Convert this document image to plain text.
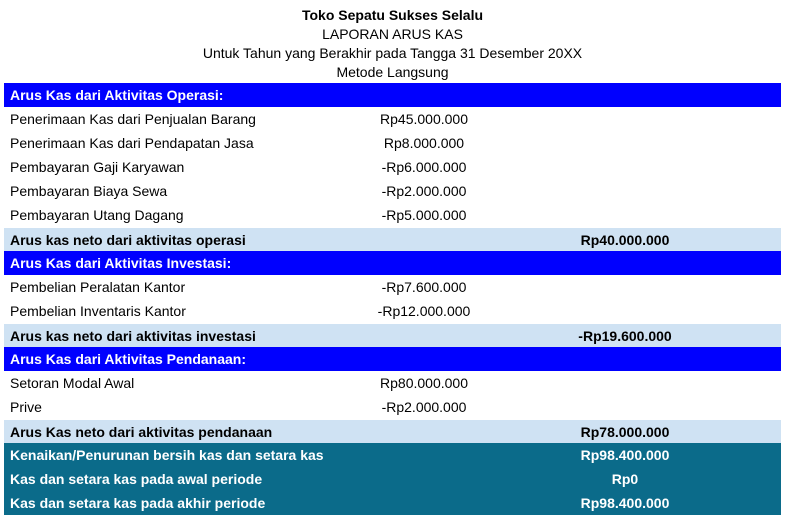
Toko Sepatu Sukses Selalu
LAPORAN ARUS KAS
Untuk Tahun yang Berakhir pada Tangga 31 Desember 20XX
Metode Langsung
Arus Kas dari Aktivitas Operasi:
Penerimaan Kas dari Penjualan Barang	Rp45.000.000
Penerimaan Kas dari Pendapatan Jasa	Rp8.000.000
Pembayaran Gaji Karyawan	-Rp6.000.000
Pembayaran Biaya Sewa	-Rp2.000.000
Pembayaran Utang Dagang	-Rp5.000.000
Arus kas neto dari aktivitas operasi	Rp40.000.000
Arus Kas dari Aktivitas Investasi:
Pembelian Peralatan Kantor	-Rp7.600.000
Pembelian Inventaris Kantor	-Rp12.000.000
Arus kas neto dari aktivitas investasi	-Rp19.600.000
Arus Kas dari Aktivitas Pendanaan:
Setoran Modal Awal	Rp80.000.000
Prive	-Rp2.000.000
Arus Kas neto dari aktivitas pendanaan	Rp78.000.000
Kenaikan/Penurunan bersih kas dan setara kas	Rp98.400.000
Kas dan setara kas pada awal periode	Rp0
Kas dan setara kas pada akhir periode	Rp98.400.000
